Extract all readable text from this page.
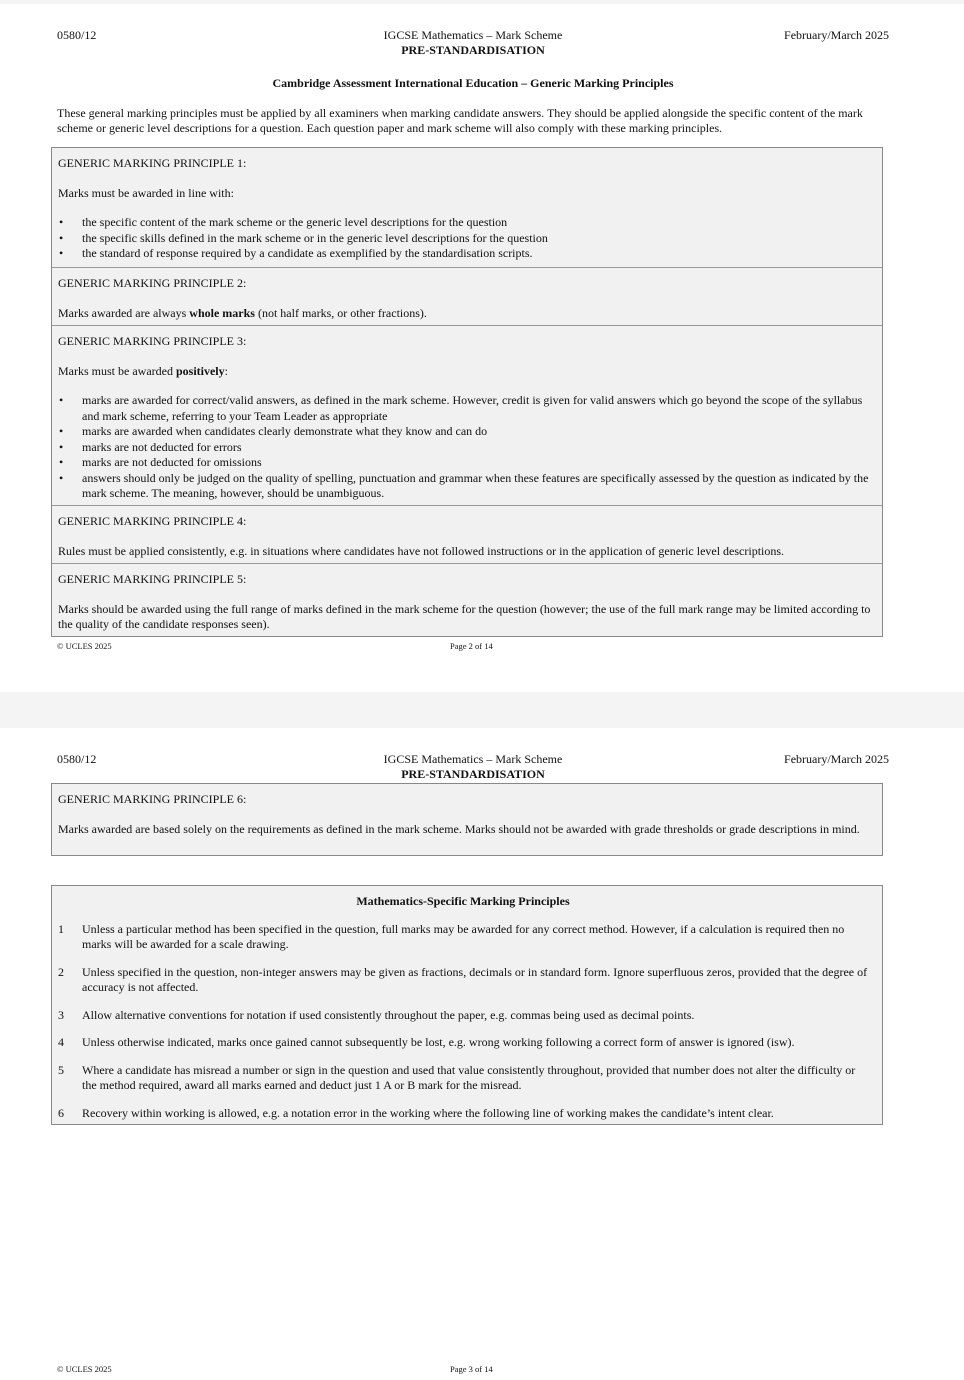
0580/12	IGCSE Mathematics – Mark Scheme
PRE-STANDARDISATION
February/March 2025
Cambridge Assessment International Education – Generic Marking Principles
These general marking principles must be applied by all examiners when marking candidate answers. They should be applied alongside the specific content of the mark scheme or generic level descriptions for a question. Each question paper and mark scheme will also comply with these marking principles.

GENERIC MARKING PRINCIPLE 1:

Marks must be awarded in line with:

• the specific content of the mark scheme or the generic level descriptions for the question
• the specific skills defined in the mark scheme or in the generic level descriptions for the question
• the standard of response required by a candidate as exemplified by the standardisation scripts.

GENERIC MARKING PRINCIPLE 2:

Marks awarded are always whole marks (not half marks, or other fractions).

GENERIC MARKING PRINCIPLE 3:

Marks must be awarded positively:

• marks are awarded for correct/valid answers, as defined in the mark scheme. However, credit is given for valid answers which go beyond the scope of the syllabus and mark scheme, referring to your Team Leader as appropriate
• marks are awarded when candidates clearly demonstrate what they know and can do
• marks are not deducted for errors
• marks are not deducted for omissions
• answers should only be judged on the quality of spelling, punctuation and grammar when these features are specifically assessed by the question as indicated by the mark scheme. The meaning, however, should be unambiguous.

GENERIC MARKING PRINCIPLE 4:

Rules must be applied consistently, e.g. in situations where candidates have not followed instructions or in the application of generic level descriptions.

GENERIC MARKING PRINCIPLE 5:

Marks should be awarded using the full range of marks defined in the mark scheme for the question (however; the use of the full mark range may be limited according to the quality of the candidate responses seen).

© UCLES 2025	Page 2 of 14
0580/12	IGCSE Mathematics – Mark Scheme
PRE-STANDARDISATION
February/March 2025

GENERIC MARKING PRINCIPLE 6:

Marks awarded are based solely on the requirements as defined in the mark scheme. Marks should not be awarded with grade thresholds or grade descriptions in mind.

Mathematics-Specific Marking Principles
1 Unless a particular method has been specified in the question, full marks may be awarded for any correct method. However, if a calculation is required then no marks will be awarded for a scale drawing.
2 Unless specified in the question, non-integer answers may be given as fractions, decimals or in standard form. Ignore superfluous zeros, provided that the degree of accuracy is not affected.
3 Allow alternative conventions for notation if used consistently throughout the paper, e.g. commas being used as decimal points.
4 Unless otherwise indicated, marks once gained cannot subsequently be lost, e.g. wrong working following a correct form of answer is ignored (isw).
5 Where a candidate has misread a number or sign in the question and used that value consistently throughout, provided that number does not alter the difficulty or the method required, award all marks earned and deduct just 1 A or B mark for the misread.
6 Recovery within working is allowed, e.g. a notation error in the working where the following line of working makes the candidate’s intent clear.
© UCLES 2025	Page 3 of 14
